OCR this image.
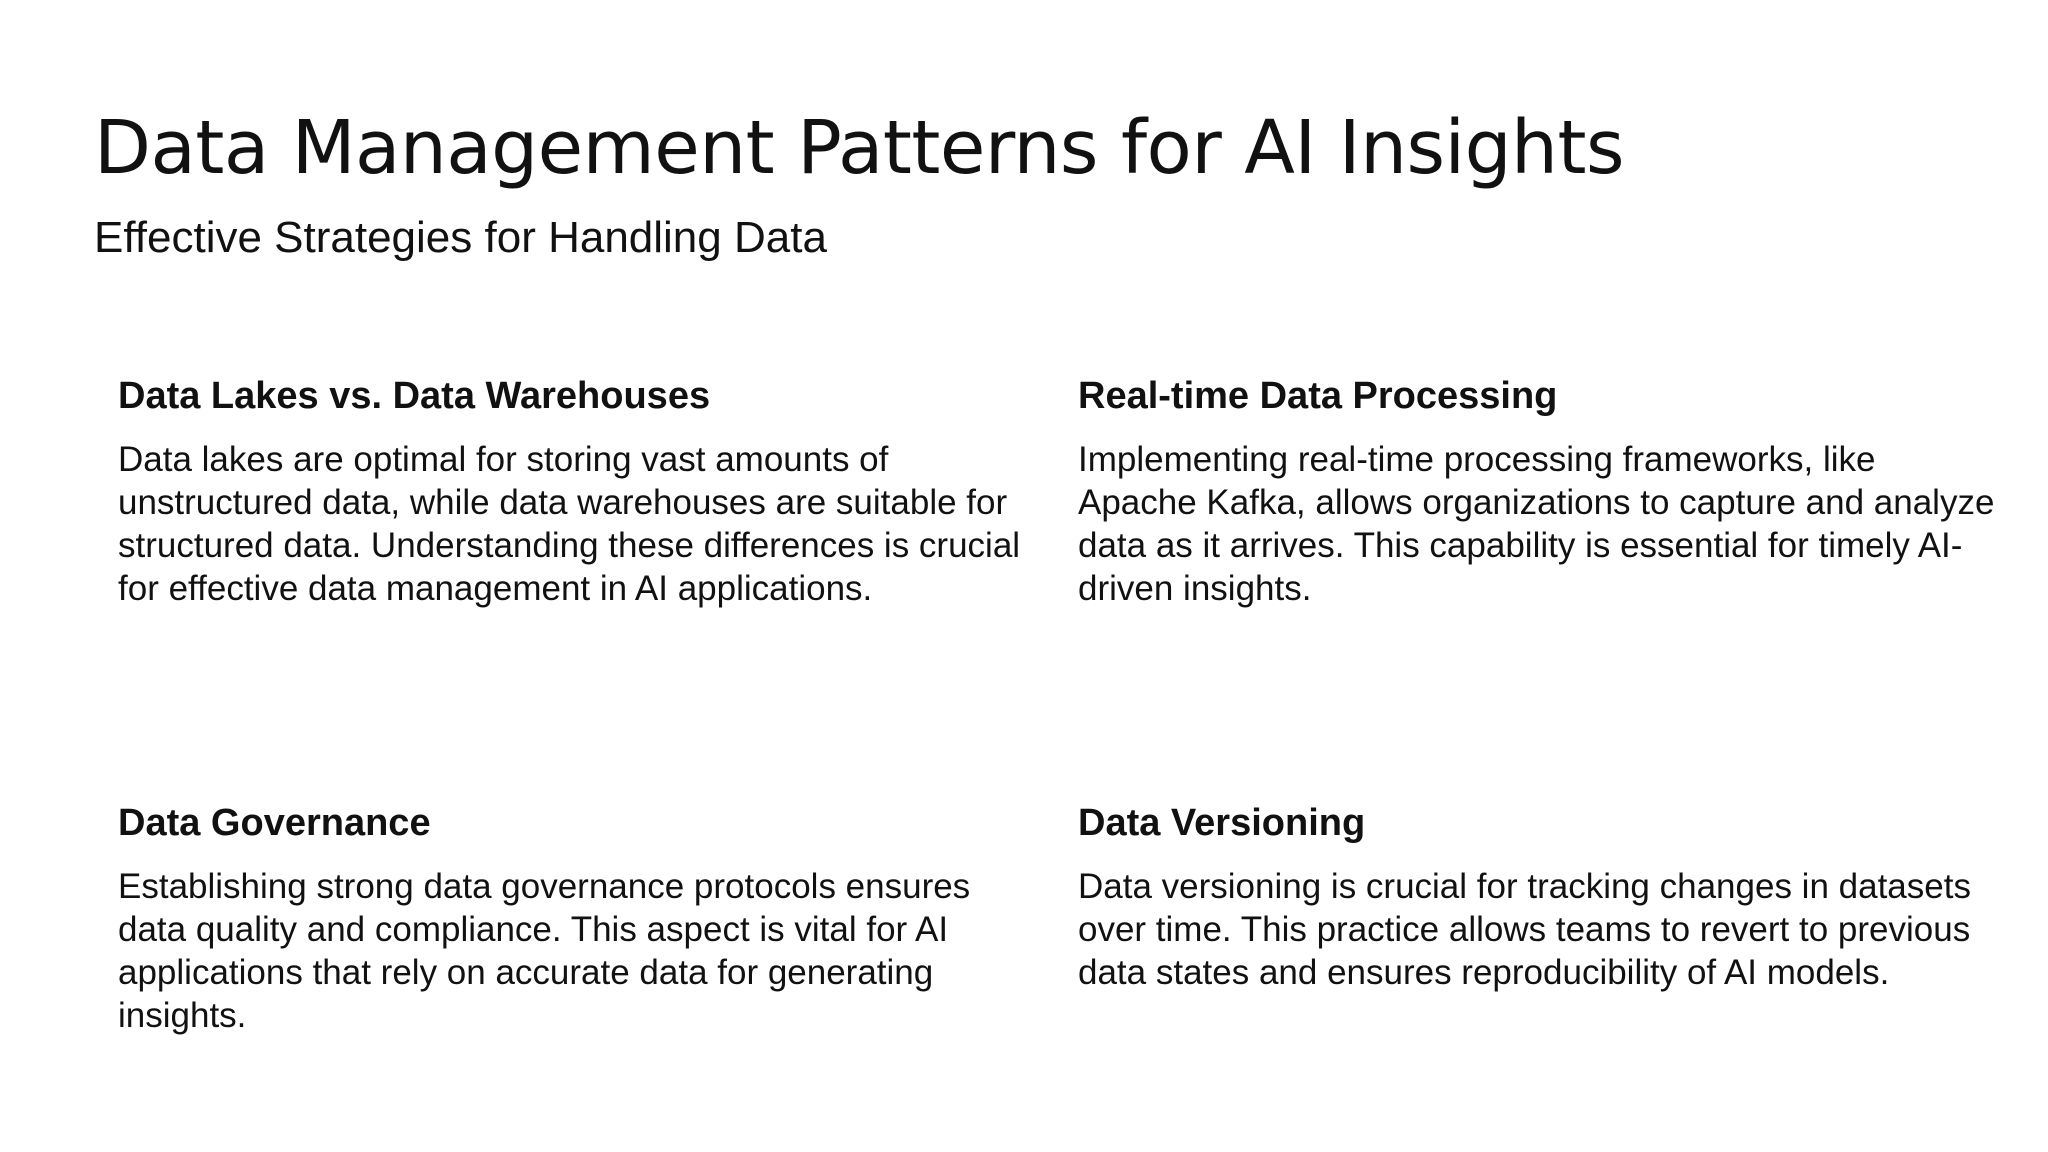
Data Management Patterns for AI Insights
Effective Strategies for Handling Data
Data Lakes vs. Data Warehouses

Data lakes are optimal for storing vast amounts of unstructured data, while data warehouses are suitable for structured data. Understanding these differences is crucial for effective data management in AI applications.

Real-time Data Processing

Implementing real-time processing frameworks, like Apache Kafka, allows organizations to capture and analyze data as it arrives. This capability is essential for timely AI-driven insights.

Data Governance

Establishing strong data governance protocols ensures data quality and compliance. This aspect is vital for AI applications that rely on accurate data for generating insights.

Data Versioning

Data versioning is crucial for tracking changes in datasets over time. This practice allows teams to revert to previous data states and ensures reproducibility of AI models.
